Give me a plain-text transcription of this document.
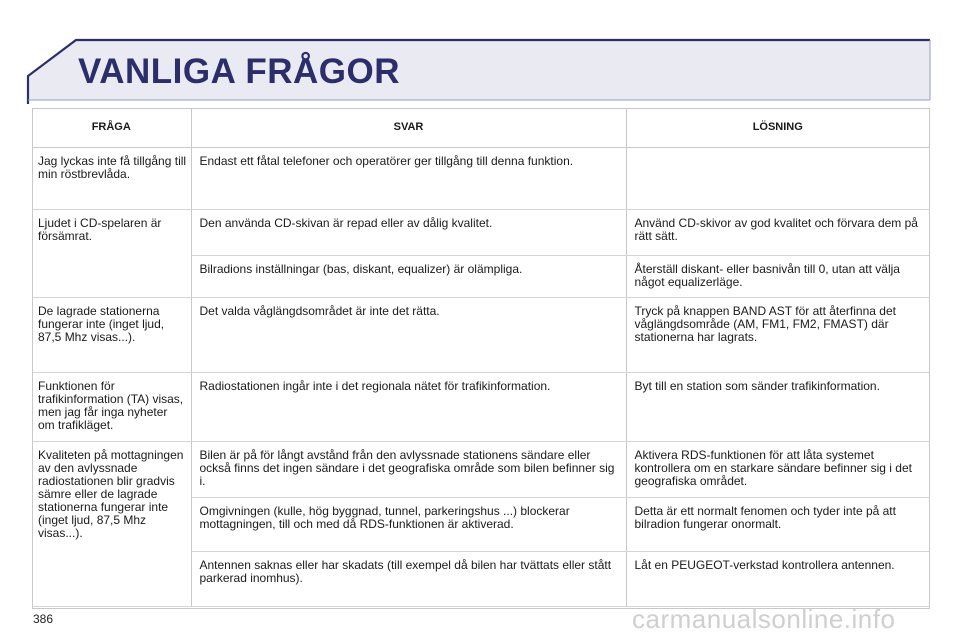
VANLIGA FRÅGOR
FRÅGA	SVAR	LÖSNING
Jag lyckas inte få tillgång till min röstbrevlåda.	Endast ett fåtal telefoner och operatörer ger tillgång till denna funktion.	
Ljudet i CD-spelaren är försämrat.	Den använda CD-skivan är repad eller av dålig kvalitet.	Använd CD-skivor av god kvalitet och förvara dem på rätt sätt.
	Bilradions inställningar (bas, diskant, equalizer) är olämpliga.	Återställ diskant- eller basnivån till 0, utan att välja något equalizerläge.
De lagrade stationerna fungerar inte (inget ljud, 87,5 Mhz visas...).	Det valda våglängdsområdet är inte det rätta.	Tryck på knappen BAND AST för att återfinna det våglängdsområde (AM, FM1, FM2, FMAST) där stationerna har lagrats.
Funktionen för trafikinformation (TA) visas, men jag får inga nyheter om trafikläget.	Radiostationen ingår inte i det regionala nätet för trafikinformation.	Byt till en station som sänder trafikinformation.
Kvaliteten på mottagningen av den avlyssnade radiostationen blir gradvis sämre eller de lagrade stationerna fungerar inte (inget ljud, 87,5 Mhz visas...).	Bilen är på för långt avstånd från den avlyssnade stationens sändare eller också finns det ingen sändare i det geografiska område som bilen befinner sig i.	Aktivera RDS-funktionen för att låta systemet kontrollera om en starkare sändare befinner sig i det geografiska området.
	Omgivningen (kulle, hög byggnad, tunnel, parkeringshus ...) blockerar mottagningen, till och med då RDS-funktionen är aktiverad.	Detta är ett normalt fenomen och tyder inte på att bilradion fungerar onormalt.
	Antennen saknas eller har skadats (till exempel då bilen har tvättats eller stått parkerad inomhus).	Låt en PEUGEOT-verkstad kontrollera antennen.
386	carmanualsonline.info
